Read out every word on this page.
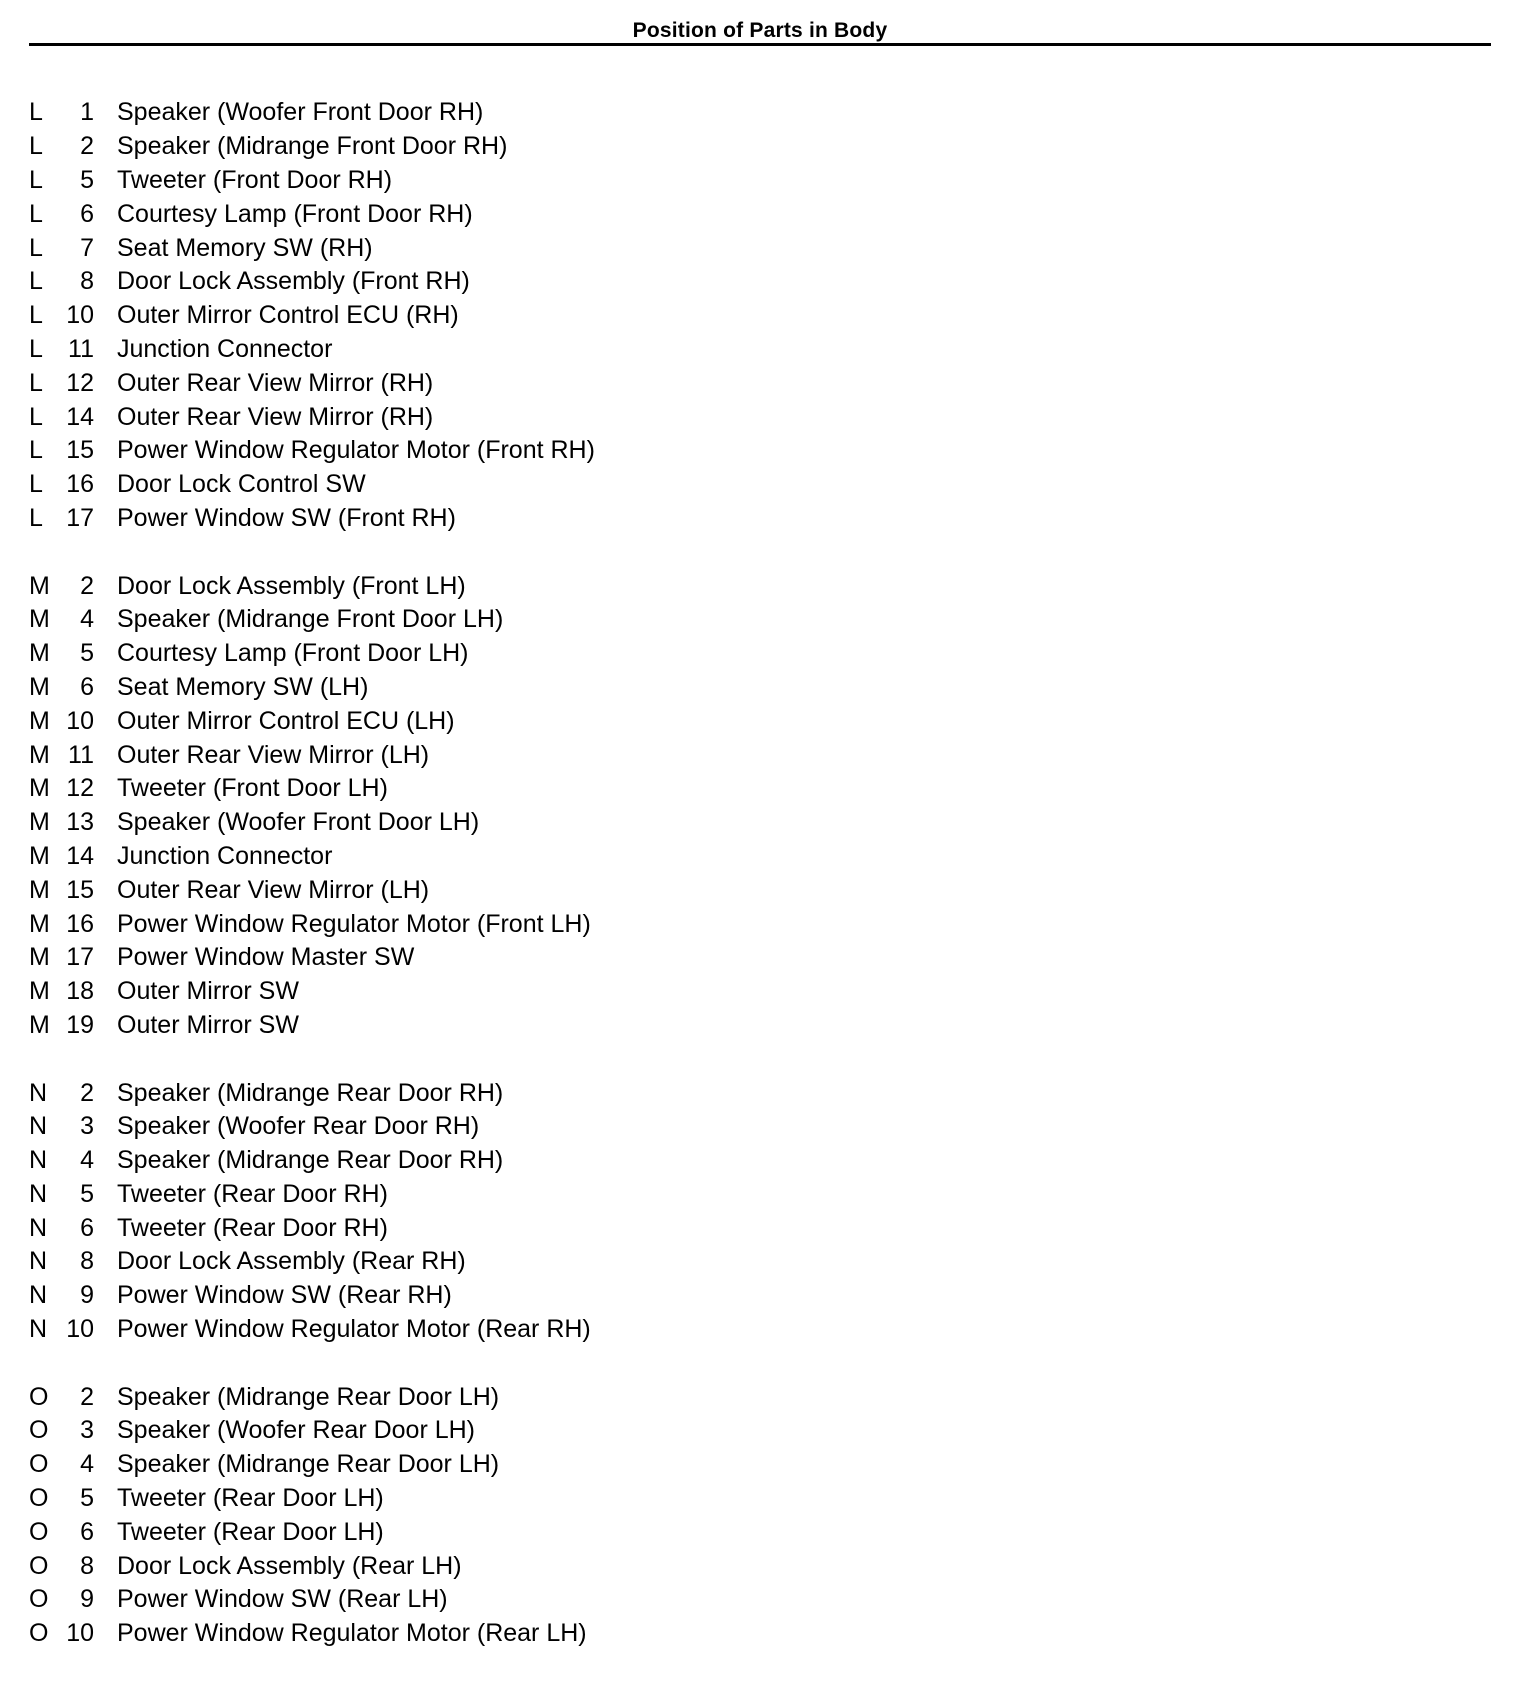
Position of Parts in Body
L	1 Speaker (Woofer Front Door RH)
L	2 Speaker (Midrange Front Door RH)
L	5 Tweeter (Front Door RH)
L	6 Courtesy Lamp (Front Door RH)
L	7 Seat Memory SW (RH)
L	8 Door Lock Assembly (Front RH)
L 10 Outer Mirror Control ECU (RH)
L	11 Junction Connector
L 12 Outer Rear View Mirror (RH)
L 14 Outer Rear View Mirror (RH)
L 15 Power Window Regulator Motor (Front RH)
L 16 Door Lock Control SW
L 17 Power Window SW (Front RH)
M	2 Door Lock Assembly (Front LH)
M	4 Speaker (Midrange Front Door LH)
M	5 Courtesy Lamp (Front Door LH)
M	6 Seat Memory SW (LH)
M 10 Outer Mirror Control ECU (LH)
M 11 Outer Rear View Mirror (LH)
M 12 Tweeter (Front Door LH)
M 13 Speaker (Woofer Front Door LH)
M 14 Junction Connector
M 15 Outer Rear View Mirror (LH)
M 16 Power Window Regulator Motor (Front LH)
M 17 Power Window Master SW
M 18 Outer Mirror SW
M 19 Outer Mirror SW
N	2 Speaker (Midrange Rear Door RH)
N	3 Speaker (Woofer Rear Door RH)
N	4 Speaker (Midrange Rear Door RH)
N	5 Tweeter (Rear Door RH)
N	6 Tweeter (Rear Door RH)
N	8 Door Lock Assembly (Rear RH)
N	9 Power Window SW (Rear RH)
N 10 Power Window Regulator Motor (Rear RH)
O	2 Speaker (Midrange Rear Door LH)
O	3 Speaker (Woofer Rear Door LH)
O	4 Speaker (Midrange Rear Door LH)
O	5 Tweeter (Rear Door LH)
O	6 Tweeter (Rear Door LH)
O	8 Door Lock Assembly (Rear LH)
O	9 Power Window SW (Rear LH)
O 10 Power Window Regulator Motor (Rear LH)
